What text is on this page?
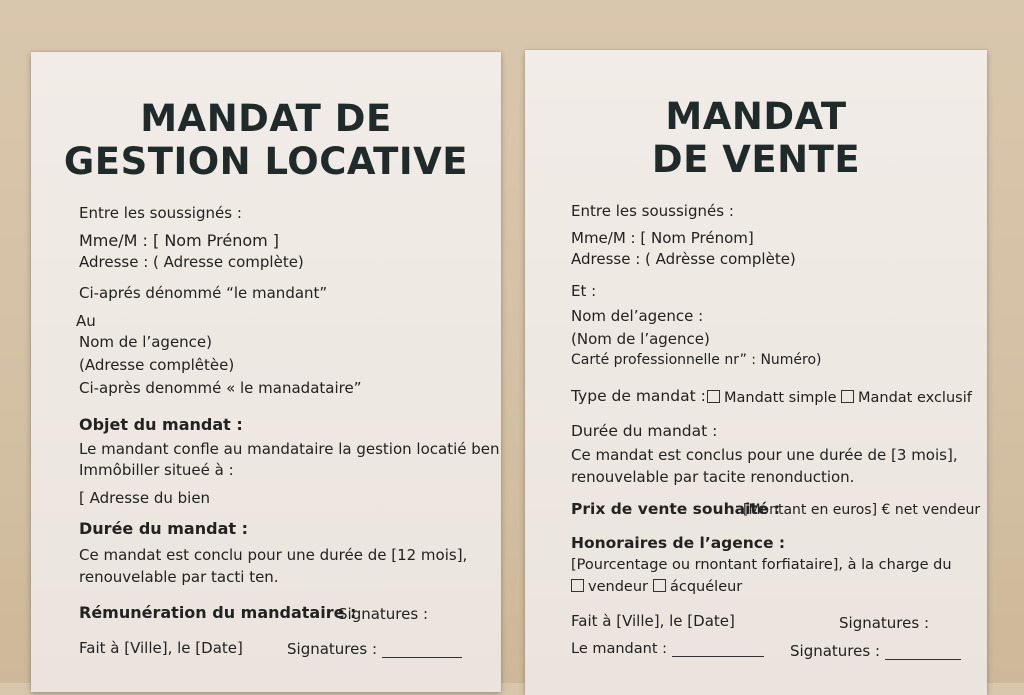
MANDAT DE
GESTION LOCATIVE
Entre les soussignés :
Mme/M : [ Nom Prénom ]
Adresse : ( Adresse complète)
Ci-aprés dénommé “le mandant”
Au
Nom de l’agence)
(Adresse complêtèe)
Ci-après denommé « le manadataire”
Objet du mandat :
Le mandant confle au mandataire la gestion locatié ben
Immôbiller situeé à :
[ Adresse du bien
Durée du mandat :
Ce mandat est conclu pour une durée de [12 mois],
renouvelable par tacti ten.
Rémunération du mandataire :
Signatures :
Fait à [Ville], le [Date]	Signatures :
MANDAT
DE VENTE
Entre les soussignés :
Mme/M : [ Nom Prénom]
Adresse : ( Adrèsse complète)
Et :
Nom del’agence :
(Nom de l’agence)
Carté professionnelle nr” : Numéro)
Type de mandat :	Mandatt simple	Mandat exclusif
Durée du mandat :
Ce mandat est conclus pour une durée de [3 mois],
renouvelable par tacite renonduction.
Prix de vente souhaité :
[Montant en euros] € net vendeur
Honoraires de l’agence :
[Pourcentage ou rnontant forfiataire], à la charge du
vendeur	ácquéleur
Fait à [Ville], le [Date]	Signatures :
Le mandant :	Signatures :
